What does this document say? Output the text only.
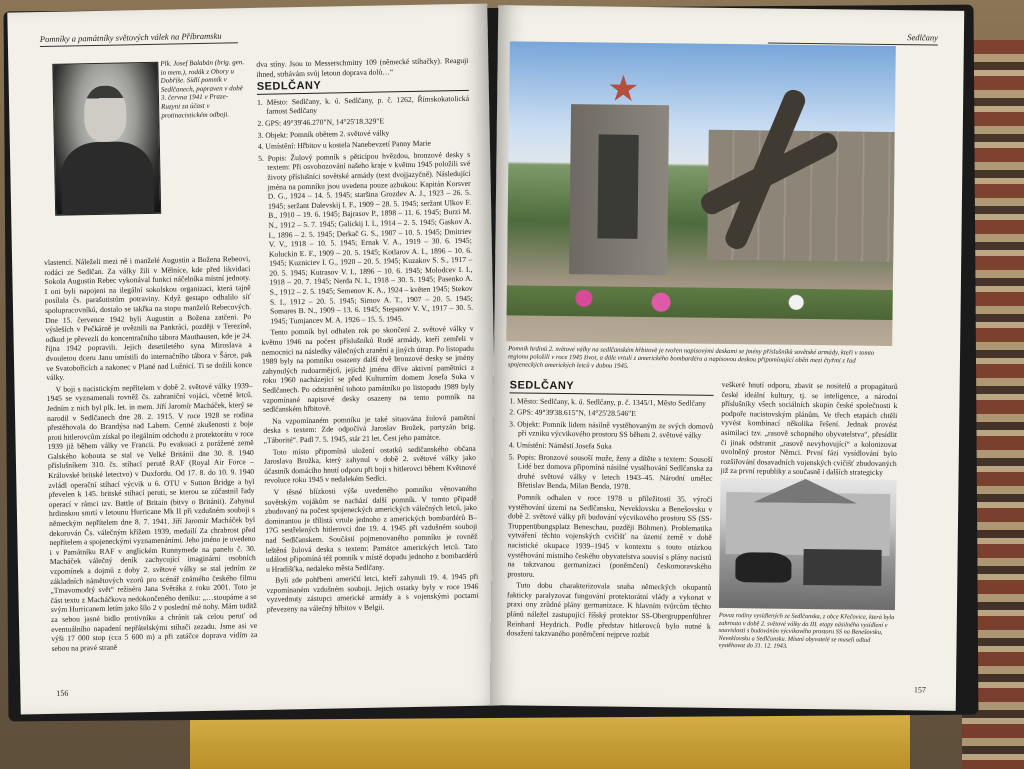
Pomníky a památníky světových válek na Příbramsku
Plk. Josef Balabán (brig. gen. in mem.), rodák z Obory u Dobříše. Sídlí pomník v Sedlčanech, popraven v době 3. června 1941 v Praze-Ruzyni za účast v protinacistickém odboji.

vlastencí. Náleželi mezi ně i manželé Augustin a Božena Rebeovi, rodáci ze Sedlčan. Za války žili v Mělníce, kde před likvidací Sokola Augustin Rebec vykonával funkci náčelníka místní jednoty. I oni byli napojeni na ilegální sokolskou organizaci, která tajně posílala čs. parašutistům potraviny. Když gestapo odhalilo síť spolupracovníků, dostalo se takřka na stopu manželů Rebecových. Dne 15. července 1942 byli Augustin a Božena zatčeni. Po výsleších v Pečkárně je uvěznili na Pankráci, později v Terezíně, odkud je převezli do koncentračního tábora Mauthausen, kde je 24. října 1942 popravili. Jejich desetiletého syna Miroslava a dvouletou dceru Janu umístili do internačního tábora v Šárce, pak ve Svatobořicích a nakonec v Plané nad Lužnicí. Ti se dožili konce války.

V boji s nacistickým nepřítelem v době 2. světové války 1939–1945 se vyznamenali rovněž čs. zahraniční vojáci, včetně letců. Jedním z nich byl plk. let. in mem. Jiří Jaromír Macháček, který se narodil v Sedlčanech dne 28. 2. 1915. V roce 1928 se rodina přestěhovala do Brandýsa nad Labem. Cenné zkušenosti z boje proti hitlerovcům získal po ilegálním odchodu z protektorátu v roce 1939 již během války ve Francii. Po evakuaci z porážené země Galského kohouta se stal ve Velké Británii dne 30. 8. 1940 příslušníkem 310. čs. stíhací perutě RAF (Royal Air Force – Královské britské letectvo) v Duxfordu. Od 17. 8. do 10. 9. 1940 zvládl operační stíhací výcvik u 6. OTU v Sutton Bridge a byl převelen k 145. britské stíhací peruti, se kterou se zúčastnil řady operací v rámci tzv. Battle of Britain (bitvy o Británii). Zahynul hrdinskou smrtí v letounu Hurricane Mk II při vzdušném souboji s německým nepřítelem dne 8. 7. 1941. Jiří Jaromír Macháček byl dekorován Čs. válečným křížem 1939, medailí Za chrabrost před nepřítelem a spojeneckými vyznamenáními. Jeho jméno je uvedeno i v Památníku RAF v anglickém Runnymede na panelu č. 30. Macháček válečný deník zachycující imaginární osobních vzpomínek a dojmů z doby 2. světové války se stal jedním ze základních námětových vzorů pro scénář známého českého filmu „Tmavomodrý svět“ režiséra Jana Svěráka z roku 2001. Toto je část textu z Macháčkova nedokončeného deníku: „…stoupáme a se svým Hurricanem letím jako šílo 2 v poslední mé nohy. Mám tuditž za sebou jasné bidlo protivníku a chránit tak celou peruť od eventuálního napadení nepřátelskými stíhači zezadu. Jsme asi ve výši 17 000 stop (cca 5 600 m) a při zatáčce doprava vidím za sebou na pravé straně

dva stíny. Jsou to Messerschmitty 109 (německé stíhačky). Reaguji ihned, strhávám svůj letoun doprava dolů…“

SEDLČANY

1. Město: Sedlčany, k. ú. Sedlčany, p. č. 1262, Římskokatolická farnost Sedlčany

2. GPS: 49°39'46.270"N, 14°25'18.329"E

3. Objekt: Pomník obětem 2. světové války

4. Umístění: Hřbitov u kostela Nanebevzetí Panny Marie

5. Popis: Žulový pomník s pěticípou hvězdou, bronzové desky s textem: Při osvobozování našeho kraje v květnu 1945 položili své životy příslušníci sovětské armády (text dvojjazyčně). Následující jména na pomníku jsou uvedena pouze azbukou: Kapitán Korsver D. G., 1924 – 14. 5. 1945; staršina Grozdev A. J., 1923 – 26. 5. 1945; seržant Dalevskij I. F., 1909 – 28. 5. 1945; seržant Ulkov F. B., 1910 – 19. 6. 1945; Bajrasov P., 1898 – 11. 6. 1945; Burzi M. N., 1912 – 5. 7. 1945; Galickij I. I., 1914 – 2. 5. 1945; Gaskov A. I., 1896 – 2. 5. 1945; Derkač G. S., 1907 – 10. 5. 1945; Dmitriev V. V., 1918 – 10. 5. 1945; Ernak V. A., 1919 – 30. 6. 1945; Koluckin E. F., 1909 – 20. 5. 1945; Kotlarov A. I., 1896 – 10. 6. 1945; Kuzniciev I. G., 1920 – 20. 5. 1945; Kuzakov S. S., 1917 – 20. 5. 1945; Kutrasov V. I., 1896 – 10. 6. 1945; Molodcev I. I., 1918 – 20. 7. 1945; Nerda N. I., 1918 – 30. 5. 1945; Pasenko A. S., 1912 – 2. 5. 1945; Semenov K. A., 1924 – květen 1945; Stekov S. I., 1912 – 20. 5. 1945; Sirnov A. T., 1907 – 20. 5. 1945; Somares B. N., 1909 – 13. 6. 1945; Stepanov V. V., 1917 – 30. 5. 1945; Tumjancev M. A. 1926 – 15. 5. 1945.

Tento pomník byl odhalen rok po skončení 2. světové války v květnu 1946 na počest příslušníků Rudé armády, kteří zemřeli v nemocnici na následky válečných zranění a jiných útrap. Po listopadu 1989 byly na pomníku osazeny další dvě bronzové desky se jmény zahynulých rudoarmějců, jejichž jména dříve aktivní pamětníci z roku 1960 nacházející se před Kulturním domem Josefa Suka v Sedlčanech. Po odstranění tohoto památníku po listopadu 1989 byly vzpomínané napisové desky osazeny na tento pomník na sedlčanském hřbitově.

Na vzpomínaném pomníku je také situována žulová pamětní deska s textem: Zde odpočívá Jaroslav Brožek, partyzán brig. „Táborité“. Padl 7. 5. 1945, stár 21 let. Čest jeho památce.

Toto místo připomíná uložení ostatků sedlčanského občana Jaroslava Brožka, který zahynul v době 2. světové války jako účastník domácího hnutí odporu při boji s hitlerovci během Květnové revoluce roku 1945 v nedalekém Sedlci.

V těsné blízkosti výše uvedeného pomníku věnovaného sovětským vojákům se nachází další pomník. V tomto připadě zbudovaný na počest spojeneckých amerických válečných letců, jako dominantou je třílistá vrtule jednoho z amerických bombardérů B–17G sestřelených hitlerovci dne 19. 4. 1945 při vzdušném souboji nad Sedlčanskem. Součástí pojmenovaného pomníku je rovněž leštěná žulová deska s textem: Památce amerických letců. Tato událost připomíná též pomník v místě dopadu jednoho z bombardérů u Hradišťka, nedaleko města Sedlčany.

Byli zde pohřbeni američtí letci, kteří zahynuli 19. 4. 1945 při vzpomínaném vzdušném souboji. Jejich ostatky byly v roce 1946 vyzvednuty zástupci americké armády a s vojenskými poctami převezeny na válečný hřbitov v Belgii.

156
Sedlčany
★
Pomník hrdinů 2. světové války na sedlčanském hřbitově je tvořen napisovými deskami se jmény příslušníků sovětské armády, kteří v tomto regionu položili v roce 1945 život, a dále vrtulí z amerického bombardéru a napisovou deskou připomínající oběti mezi čtyřmi z řad spojeneckých amerických letců v dubnu 1945.
SEDLČANY

1. Město: Sedlčany, k. ú. Sedlčany, p. č. 1345/1, Město Sedlčany

2. GPS: 49°39'38.615"N, 14°25'28.546"E

3. Objekt: Pomník lidem násilně vystěhovaným ze svých domovů při vzniku výcvikového prostoru SS během 2. světové války

4. Umístění: Náměstí Josefa Suka

5. Popis: Bronzové sousoší muže, ženy a dítěte s textem: Sousoší Lidé bez domova připomíná násilné vystěhování Sedlčanska za druhé světové války v letech 1943–45. Národní umělec Břetislav Benda, Milan Benda, 1978.

Pomník odhalen v roce 1978 u příležitosti 35. výročí vystěhování území na Sedlčansku, Neveklovsku a Benešovsku v době 2. světové války při budování výcvikového prostoru SS (SS-Truppenübungsplatz Beneschau, později Böhmen). Problematika vytváření těchto vojenských cvičišť na území země v době nacistické okupace 1939–1945 v kontextu s touto otázkou vystěhování místního českého obyvatelstva souvisí s plány nacistů na takzvanou germanizaci (poněmčení) českomoravského prostoru.

Tuto dobu charakterizovala snaha německých okupantů fakticky paralyzovat fungování protektorátní vlády a vykonat v praxi ony zrůdné plány germanizace. K hlavním tvůrcům těchto plánů náležel zastupující říšský protektor SS-Obergruppenführer Reinhard Heydrich. Podle představ hitlerovců bylo nutné k dosažení takzvaného poněmčení nejprve rozbít

veškeré hnutí odporu, zbavit se nositelů a propagátorů české ideální kultury, tj. se inteligence, a národní příslušníky všech sociálních skupin české společnosti k podpoře nacistovským plánům. Ve třech etapách chtěli vyvést kombinací několika řešení. Jednak provést asimilaci tzv. „rasově schopného obyvatelstva“, přesídlit či jinak odstranit „rasově nevyhovující“ a kolonizovat uvolněný prostor Němci. První fázi vysídlování bylo rozšiřování dosavadních vojenských cvičišť zbudovaných již za první republiky a současně i dalších strategicky

Povoz rodiny vysídlených ze Sedlčanska, z obce Křečovice, která byla zahrnuta v době 2. světové války do III. etapy násilného vysídlení v souvislosti s budováním výcvikového prostoru SS na Benešovsku, Neveklovsku a Sedlčansku. Místní obyvatelé se museli odtud vystěhovat do 31. 12. 1943.
157
